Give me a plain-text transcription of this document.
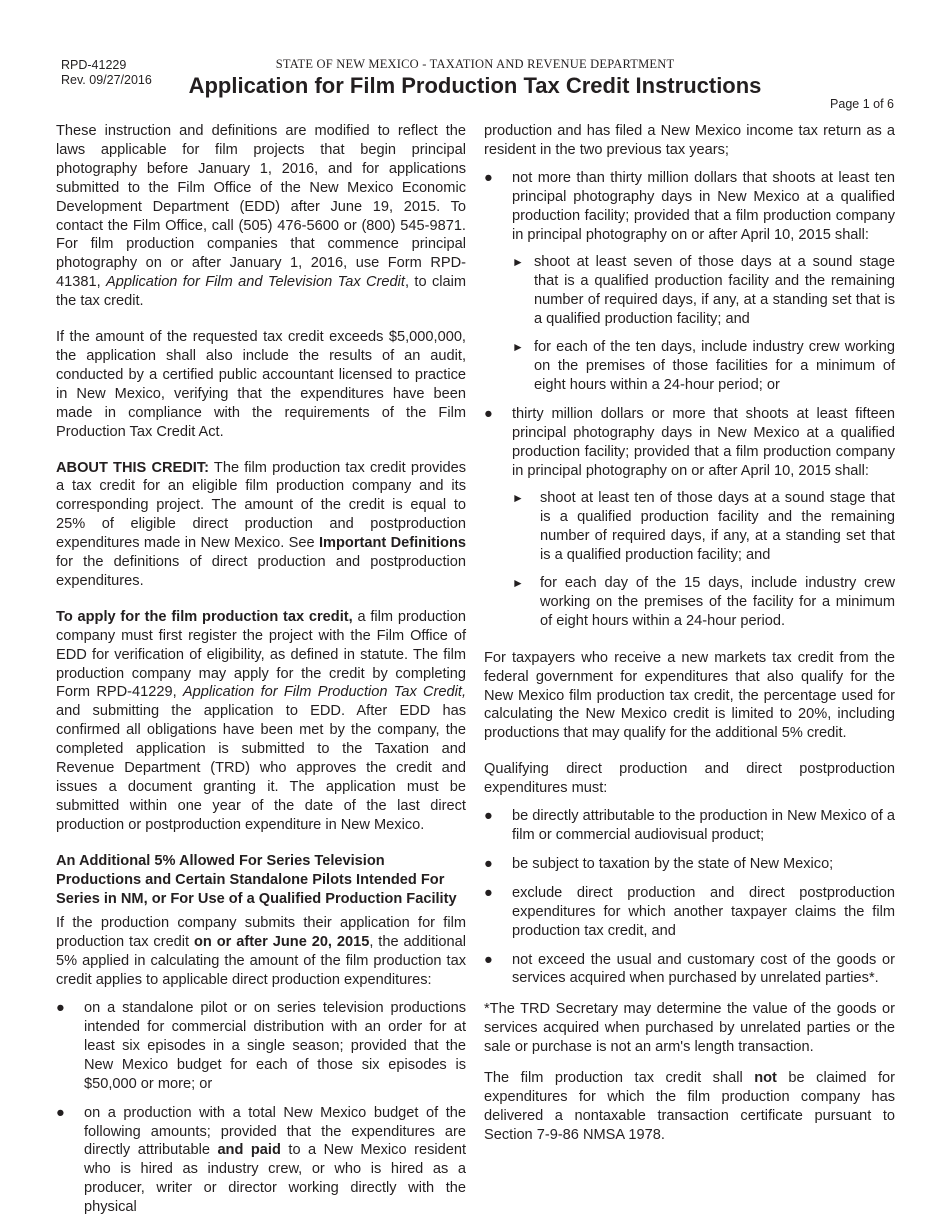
RPD-41229
Rev. 09/27/2016
STATE OF NEW MEXICO - TAXATION AND REVENUE DEPARTMENT
Application for Film Production Tax Credit Instructions
Page 1 of 6

These instruction and definitions are modified to reflect the laws applicable for film projects that begin principal photography before January 1, 2016, and for applications submitted to the Film Office of the New Mexico Economic Development Department (EDD) after June 19, 2015. To contact the Film Office, call (505) 476-5600 or (800) 545-9871. For film production companies that commence principal photography on or after January 1, 2016, use Form RPD-41381, Application for Film and Television Tax Credit, to claim the tax credit.

If the amount of the requested tax credit exceeds $5,000,000, the application shall also include the results of an audit, conducted by a certified public accountant licensed to practice in New Mexico, verifying that the expenditures have been made in compliance with the requirements of the Film Production Tax Credit Act.

ABOUT THIS CREDIT: The film production tax credit provides a tax credit for an eligible film production company and its corresponding project. The amount of the credit is equal to 25% of eligible direct production and postproduction expenditures made in New Mexico. See Important Definitions for the definitions of direct production and postproduction expenditures.

To apply for the film production tax credit, a film production company must first register the project with the Film Office of EDD for verification of eligibility, as defined in statute. The film production company may apply for the credit by completing Form RPD-41229, Application for Film Production Tax Credit, and submitting the application to EDD. After EDD has confirmed all obligations have been met by the company, the completed application is submitted to the Taxation and Revenue Department (TRD) who approves the credit and issues a document granting it. The application must be submitted within one year of the date of the last direct production or postproduction expenditure in New Mexico.

An Additional 5% Allowed For Series Television Productions and Certain Standalone Pilots Intended For Series in NM, or For Use of a Qualified Production Facility

If the production company submits their application for film production tax credit on or after June 20, 2015, the additional 5% applied in calculating the amount of the film production tax credit applies to applicable direct production expenditures:

●	on a standalone pilot or on series television productions intended for commercial distribution with an order for at least six episodes in a single season; provided that the New Mexico budget for each of those six episodes is $50,000 or more; or
●	on a production with a total New Mexico budget of the following amounts; provided that the expenditures are directly attributable and paid to a New Mexico resident who is hired as industry crew, or who is hired as a producer, writer or director working directly with the physical

production and has filed a New Mexico income tax return as a resident in the two previous tax years;

●	not more than thirty million dollars that shoots at least ten principal photography days in New Mexico at a qualified production facility; provided that a film production company in principal photography on or after April 10, 2015 shall:
► shoot at least seven of those days at a sound stage that is a qualified production facility and the remaining number of required days, if any, at a standing set that is a qualified production facility; and
► for each of the ten days, include industry crew working on the premises of those facilities for a minimum of eight hours within a 24-hour period; or
●	thirty million dollars or more that shoots at least fifteen principal photography days in New Mexico at a qualified production facility; provided that a film production company in principal photography on or after April 10, 2015 shall:
► shoot at least ten of those days at a sound stage that is a qualified production facility and the remaining number of required days, if any, at a standing set that is a qualified production facility; and
► for each day of the 15 days, include industry crew working on the premises of the facility for a minimum of eight hours within a 24-hour period.

For taxpayers who receive a new markets tax credit from the federal government for expenditures that also qualify for the New Mexico film production tax credit, the percentage used for calculating the New Mexico credit is limited to 20%, including productions that may qualify for the additional 5% credit.

Qualifying direct production and direct postproduction expenditures must:

●	be directly attributable to the production in New Mexico of a film or commercial audiovisual product;
●	be subject to taxation by the state of New Mexico;
●	exclude direct production and direct postproduction expenditures for which another taxpayer claims the film production tax credit, and
●	not exceed the usual and customary cost of the goods or services acquired when purchased by unrelated parties*.

*The TRD Secretary may determine the value of the goods or services acquired when purchased by unrelated parties or the sale or purchase is not an arm's length transaction.

The film production tax credit shall not be claimed for expenditures for which the film production company has delivered a nontaxable transaction certificate pursuant to Section 7-9-86 NMSA 1978.
